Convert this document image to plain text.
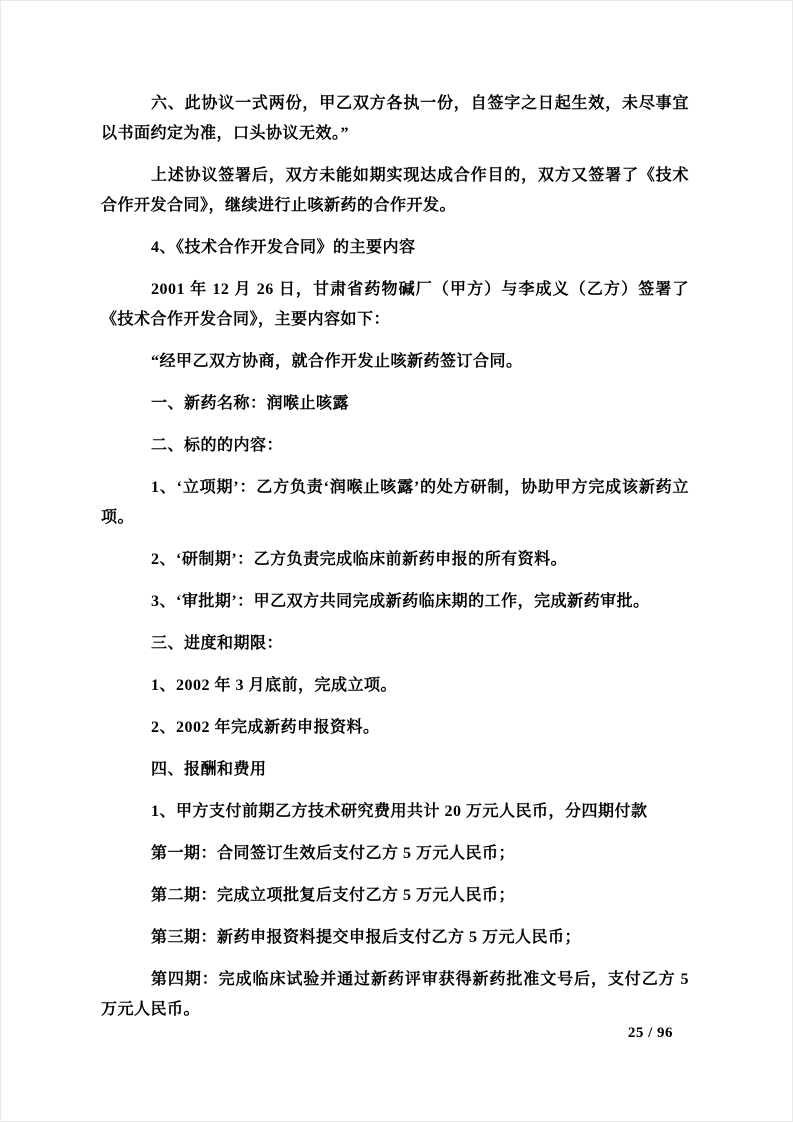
六、此协议一式两份，甲乙双方各执一份，自签字之日起生效，未尽事宜以书面约定为准，口头协议无效。”

上述协议签署后，双方未能如期实现达成合作目的，双方又签署了《技术合作开发合同》，继续进行止咳新药的合作开发。

4、《技术合作开发合同》的主要内容

2001 年 12 月 26 日，甘肃省药物碱厂（甲方）与李成义（乙方）签署了《技术合作开发合同》，主要内容如下：

“经甲乙双方协商，就合作开发止咳新药签订合同。

一、新药名称：润喉止咳露

二、标的的内容：

1、‘立项期’：乙方负责‘润喉止咳露’的处方研制，协助甲方完成该新药立项。

2、‘研制期’：乙方负责完成临床前新药申报的所有资料。

3、‘审批期’：甲乙双方共同完成新药临床期的工作，完成新药审批。

三、进度和期限：

1、2002 年 3 月底前，完成立项。

2、2002 年完成新药申报资料。

四、报酬和费用

1、甲方支付前期乙方技术研究费用共计 20 万元人民币，分四期付款

第一期：合同签订生效后支付乙方 5 万元人民币；

第二期：完成立项批复后支付乙方 5 万元人民币；

第三期：新药申报资料提交申报后支付乙方 5 万元人民币；

第四期：完成临床试验并通过新药评审获得新药批准文号后，支付乙方 5 万元人民币。

25 / 96
